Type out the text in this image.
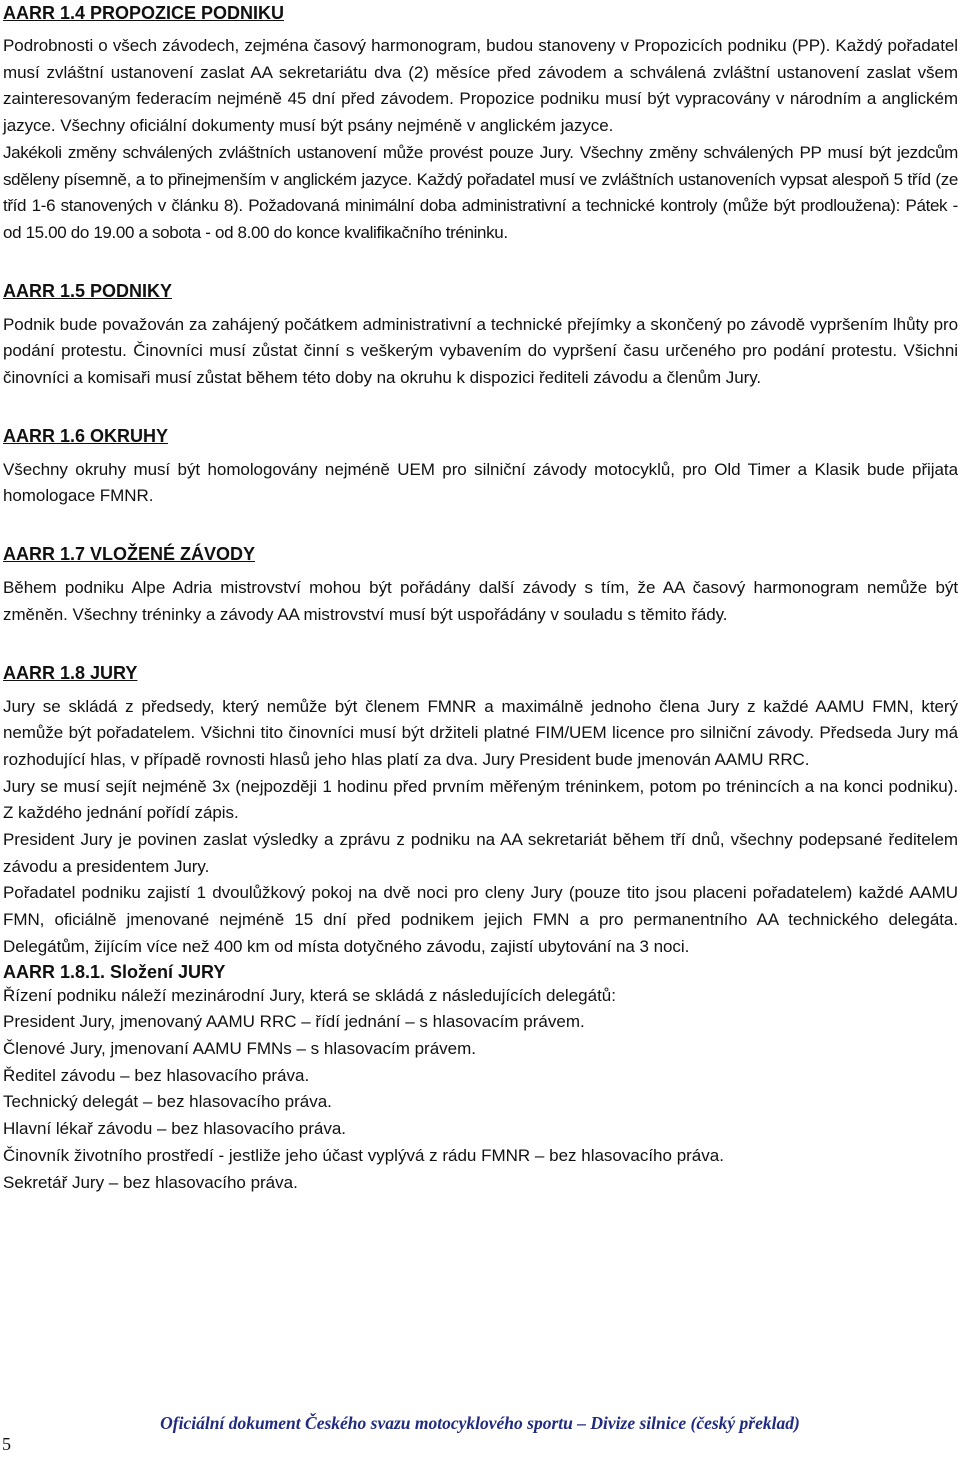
AARR 1.4 PROPOZICE PODNIKU

Podrobnosti o všech závodech, zejména časový harmonogram, budou stanoveny v Propozicích podniku (PP). Každý pořadatel musí zvláštní ustanovení zaslat AA sekretariátu dva (2) měsíce před závodem a schválená zvláštní ustanovení zaslat všem zainteresovaným federacím nejméně 45 dní před závodem. Propozice podniku musí být vypracovány v národním a anglickém jazyce. Všechny oficiální dokumenty musí být psány nejméně v anglickém jazyce.

Jakékoli změny schválených zvláštních ustanovení může provést pouze Jury. Všechny změny schválených PP musí být jezdcům sděleny písemně, a to přinejmenším v anglickém jazyce. Každý pořadatel musí ve zvláštních ustanoveních vypsat alespoň 5 tříd (ze tříd 1-6 stanovených v článku 8). Požadovaná minimální doba administrativní a technické kontroly (může být prodloužena): Pátek - od 15.00 do 19.00 a sobota - od 8.00 do konce kvalifikačního tréninku.

AARR 1.5 PODNIKY

Podnik bude považován za zahájený počátkem administrativní a technické přejímky a skončený po závodě vypršením lhůty pro podání protestu. Činovníci musí zůstat činní s veškerým vybavením do vypršení času určeného pro podání protestu. Všichni činovníci a komisaři musí zůstat během této doby na okruhu k dispozici řediteli závodu a členům Jury.

AARR 1.6 OKRUHY

Všechny okruhy musí být homologovány nejméně UEM pro silniční závody motocyklů, pro Old Timer a Klasik bude přijata homologace FMNR.

AARR 1.7 VLOŽENÉ ZÁVODY

Během podniku Alpe Adria mistrovství mohou být pořádány další závody s tím, že AA časový harmonogram nemůže být změněn. Všechny tréninky a závody AA mistrovství musí být uspořádány v souladu s těmito řády.

AARR 1.8 JURY

Jury se skládá z předsedy, který nemůže být členem FMNR a maximálně jednoho člena Jury z každé AAMU FMN, který nemůže být pořadatelem. Všichni tito činovníci musí být držiteli platné FIM/UEM licence pro silniční závody. Předseda Jury má rozhodující hlas, v případě rovnosti hlasů jeho hlas platí za dva. Jury President bude jmenován AAMU RRC.

Jury se musí sejít nejméně 3x (nejpozději 1 hodinu před prvním měřeným tréninkem, potom po trénincích a na konci podniku). Z každého jednání pořídí zápis.

President Jury je povinen zaslat výsledky a zprávu z podniku na AA sekretariát během tří dnů, všechny podepsané ředitelem závodu a presidentem Jury.

Pořadatel podniku zajistí 1 dvoulůžkový pokoj na dvě noci pro cleny Jury (pouze tito jsou placeni pořadatelem) každé AAMU FMN, oficiálně jmenované nejméně 15 dní před podnikem jejich FMN a pro permanentního AA technického delegáta. Delegátům, žijícím více než 400 km od místa dotyčného závodu, zajistí ubytování na 3 noci.

AARR 1.8.1. Složení JURY

Řízení podniku náleží mezinárodní Jury, která se skládá z následujících delegátů:

President Jury, jmenovaný AAMU RRC – řídí jednání – s hlasovacím právem.

Členové Jury, jmenovaní AAMU FMNs – s hlasovacím právem.

Ředitel závodu – bez hlasovacího práva.

Technický delegát – bez hlasovacího práva.

Hlavní lékař závodu – bez hlasovacího práva.

Činovník životního prostředí - jestliže jeho účast vyplývá z rádu FMNR – bez hlasovacího práva.

Sekretář Jury – bez hlasovacího práva.

Oficiální dokument Českého svazu motocyklového sportu – Divize silnice (český překlad)
5
